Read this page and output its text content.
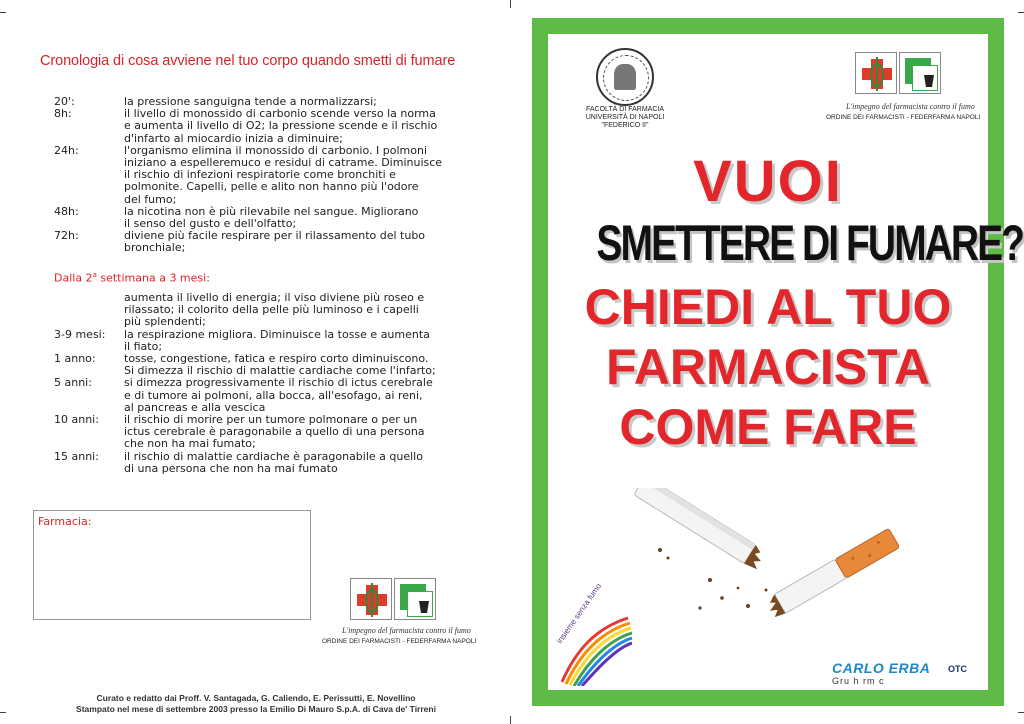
Cronologia di cosa avviene nel tuo corpo quando smetti di fumare
20':	la pressione sanguigna tende a normalizzarsi;
8h:	il livello di monossido di carbonio scende verso la norma
e aumenta il livello di O2; la pressione scende e il rischio
d'infarto al miocardio inizia a diminuire;
24h:	l'organismo elimina il monossido di carbonio. I polmoni
iniziano a espelleremuco e residui di catrame. Diminuisce
il rischio di infezioni respiratorie come bronchiti e
polmonite. Capelli, pelle e alito non hanno più l'odore
del fumo;
48h:	la nicotina non è più rilevabile nel sangue. Migliorano
il senso del gusto e dell'olfatto;
72h:	diviene più facile respirare per il rilassamento del tubo
bronchiale;
Dalla 2$^a$ settimana a 3 mesi:
aumenta il livello di energia; il viso diviene più roseo e
rilassato; il colorito della pelle più luminoso e i capelli
più splendenti;
3-9 mesi:	la respirazione migliora. Diminuisce la tosse e aumenta
il fiato;
1 anno:	tosse, congestione, fatica e respiro corto diminuiscono.
Si dimezza il rischio di malattie cardiache come l'infarto;
5 anni:	si dimezza progressivamente il rischio di ictus cerebrale
e di tumore ai polmoni, alla bocca, all'esofago, ai reni,
al pancreas e alla vescica
10 anni:	il rischio di morire per un tumore polmonare o per un
ictus cerebrale è paragonabile a quello di una persona
che non ha mai fumato;
15 anni:	il rischio di malattie cardiache è paragonabile a quello
di una persona che non ha mai fumato
Farmacia:
L'impegno del farmacista contro il fumo
ORDINE DEI FARMACISTI - FEDERFARMA NAPOLI
Curato e redatto dai Proff. V. Santagada, G. Caliendo, E. Perissutti, E. Novellino
Stampato nel mese di settembre 2003 presso la Emilio Di Mauro S.p.A. di Cava de' Tirreni
FACOLTÀ DI FARMACIA
UNIVERSITÀ DI NAPOLI "FEDERICO II"
L'impegno del farmacista contro il fumo
ORDINE DEI FARMACISTI - FEDERFARMA NAPOLI
VUOI
SMETTERE DI FUMARE?
CHIEDI AL TUO
FARMACISTA
COME FARE
insieme senza fumo
CARLO ERBA OTC
Gru h rm c
